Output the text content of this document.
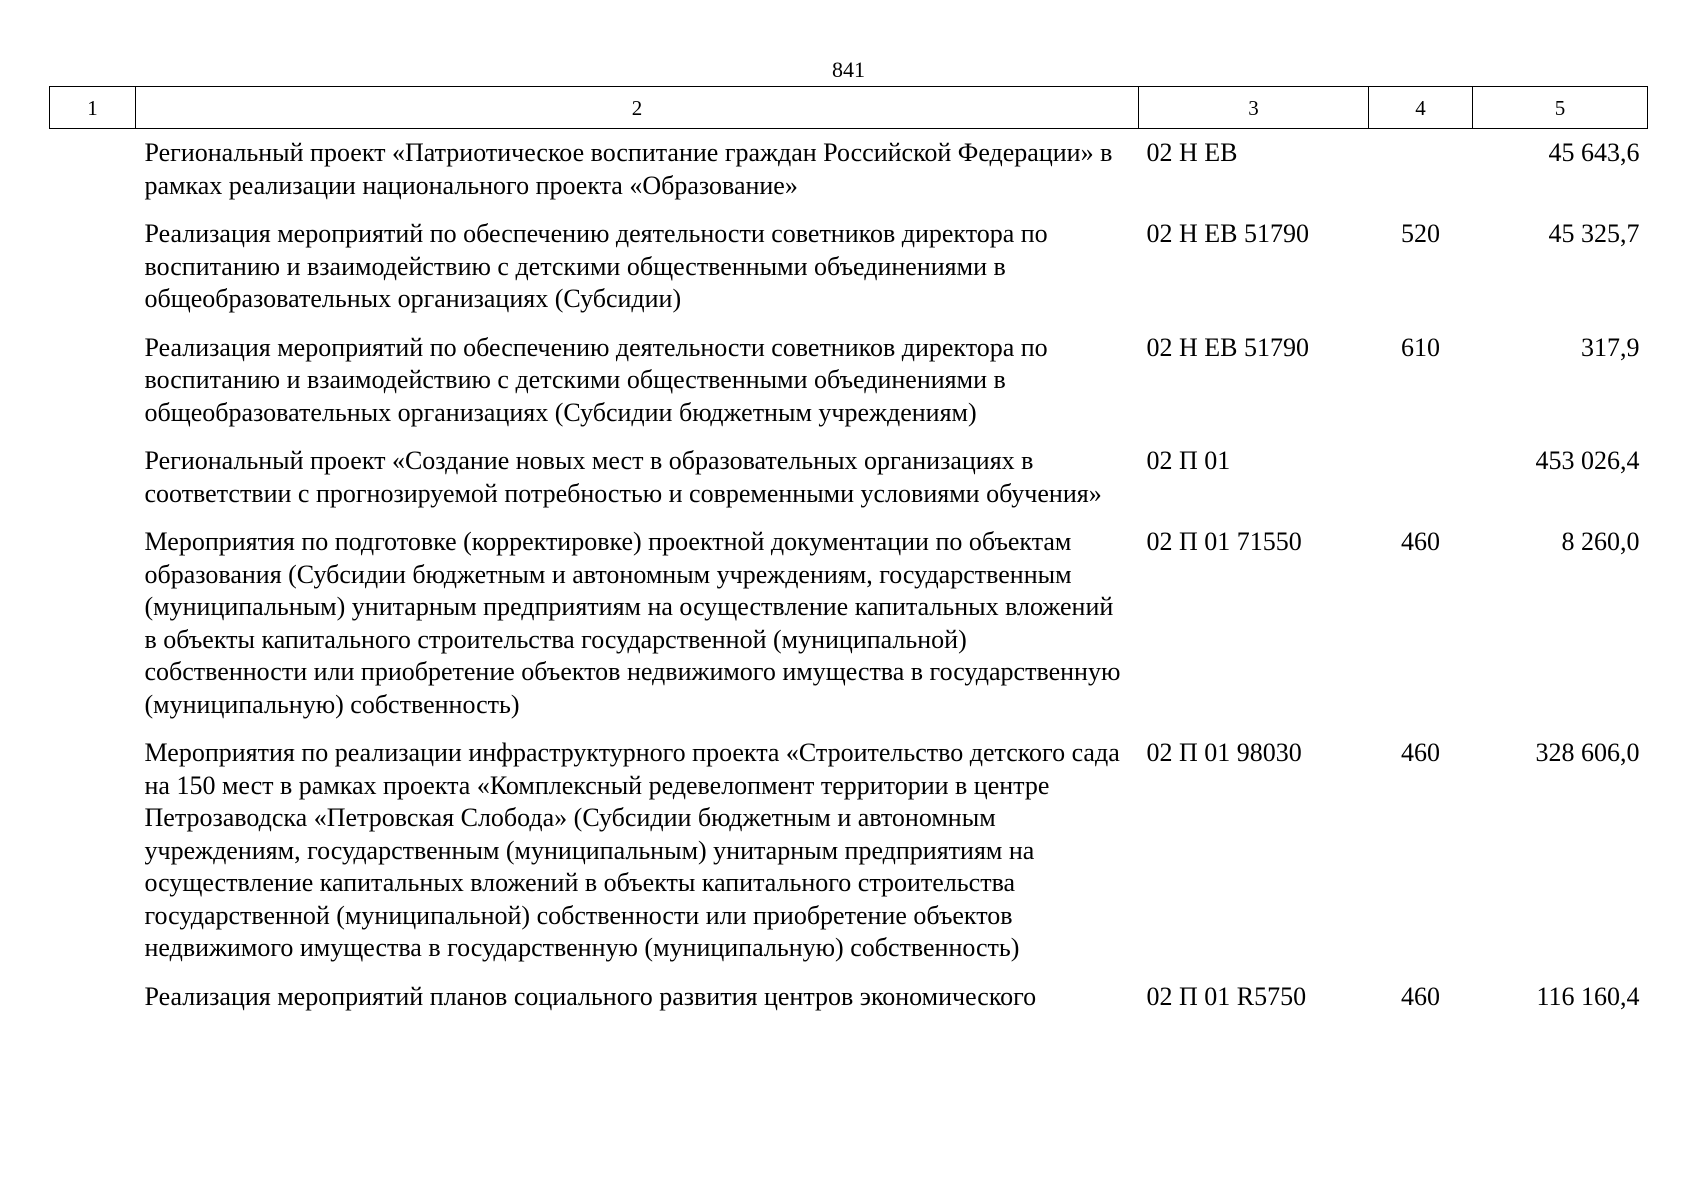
841
1	2	3	4	5
	Региональный проект «Патриотическое воспитание граждан Российской Федерации» в рамках реализации национального проекта «Образование»	02 Н ЕВ		45 643,6
	Реализация мероприятий по обеспечению деятельности советников директора по воспитанию и взаимодействию с детскими общественными объединениями в общеобразовательных организациях (Субсидии)	02 Н ЕВ 51790	520	45 325,7
	Реализация мероприятий по обеспечению деятельности советников директора по воспитанию и взаимодействию с детскими общественными объединениями в общеобразовательных организациях (Субсидии бюджетным учреждениям)	02 Н ЕВ 51790	610	317,9
	Региональный проект «Создание новых мест в образовательных организациях в соответствии с прогнозируемой потребностью и современными условиями обучения»	02 П 01		453 026,4
	Мероприятия по подготовке (корректировке) проектной документации по объектам образования (Субсидии бюджетным и автономным учреждениям, государственным (муниципальным) унитарным предприятиям на осуществление капитальных вложений в объекты капитального строительства государственной (муниципальной) собственности или приобретение объектов недвижимого имущества в государственную (муниципальную) собственность)	02 П 01 71550	460	8 260,0
	Мероприятия по реализации инфраструктурного проекта «Строительство детского сада на 150 мест в рамках проекта «Комплексный редевелопмент территории в центре Петрозаводска «Петровская Слобода» (Субсидии бюджетным и автономным учреждениям, государственным (муниципальным) унитарным предприятиям на осуществление капитальных вложений в объекты капитального строительства государственной (муниципальной) собственности или приобретение объектов недвижимого имущества в государственную (муниципальную) собственность)	02 П 01 98030	460	328 606,0
	Реализация мероприятий планов социального развития центров экономического	02 П 01 R5750	460	116 160,4
